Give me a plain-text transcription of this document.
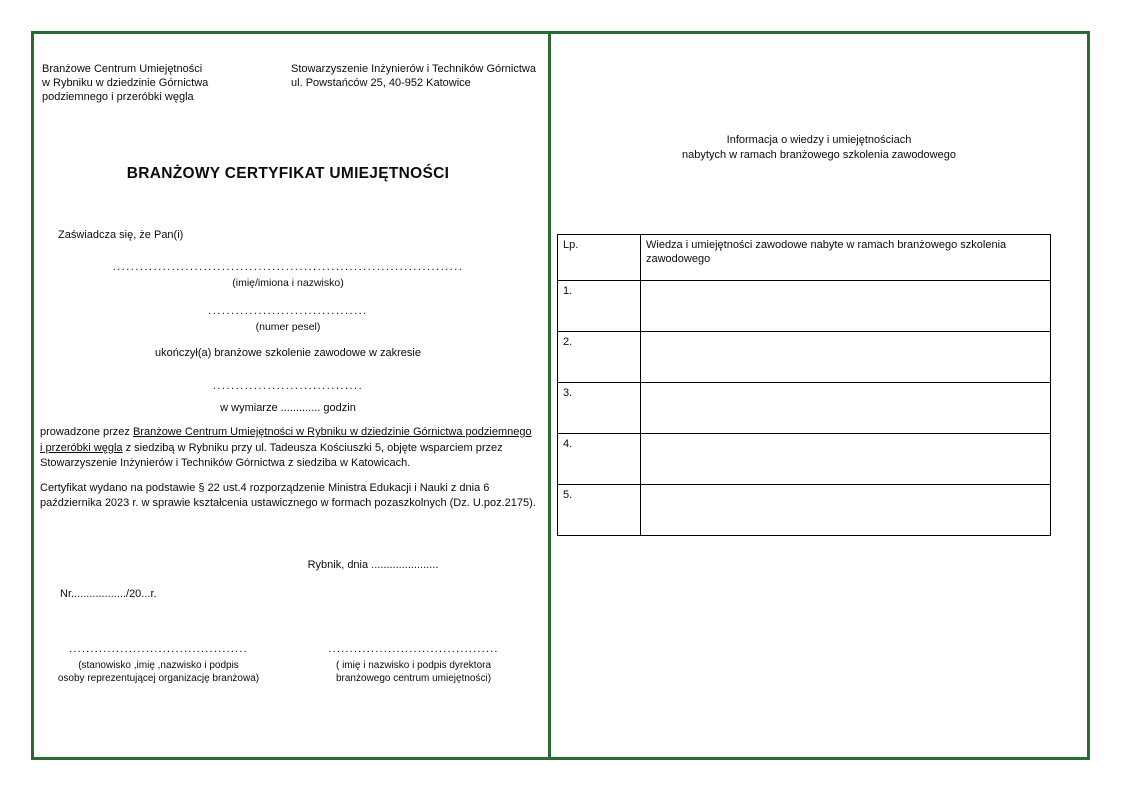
Branżowe Centrum Umiejętności
w Rybniku w dziedzinie Górnictwa
podziemnego i przeróbki węgla
Stowarzyszenie Inżynierów i Techników Górnictwa
ul. Powstańców 25, 40-952 Katowice
BRANŻOWY CERTYFIKAT UMIEJĘTNOŚCI
Zaświadcza się, że Pan(i)
.............................................................................
(imię/imiona i nazwisko)
...................................
(numer pesel)
ukończył(a) branżowe szkolenie zawodowe w zakresie
.................................
w wymiarze ............. godzin

prowadzone przez Branżowe Centrum Umiejętności w Rybniku w dziedzinie Górnictwa podziemnego i przeróbki węgla z siedzibą w Rybniku przy ul. Tadeusza Kościuszki 5, objęte wsparciem przez Stowarzyszenie Inżynierów i Techników Górnictwa z siedziba w Katowicach.

Certyfikat wydano na podstawie § 22 ust.4 rozporządzenie Ministra Edukacji i Nauki z dnia 6 października 2023 r. w sprawie kształcenia ustawicznego w formach pozaszkolnych (Dz. U.poz.2175).

Rybnik, dnia ......................
Nr................../20...r.
..........................................
(stanowisko ,imię ,nazwisko i podpis
osoby reprezentującej organizację branżowa)
........................................
( imię i nazwisko i podpis dyrektora
branżowego centrum umiejętności)
Informacja o wiedzy i umiejętnościach
nabytych w ramach branżowego szkolenia zawodowego
Lp.	Wiedza i umiejętności zawodowe nabyte w ramach branżowego szkolenia zawodowego
1.	
2.	
3.	
4.	
5.	
